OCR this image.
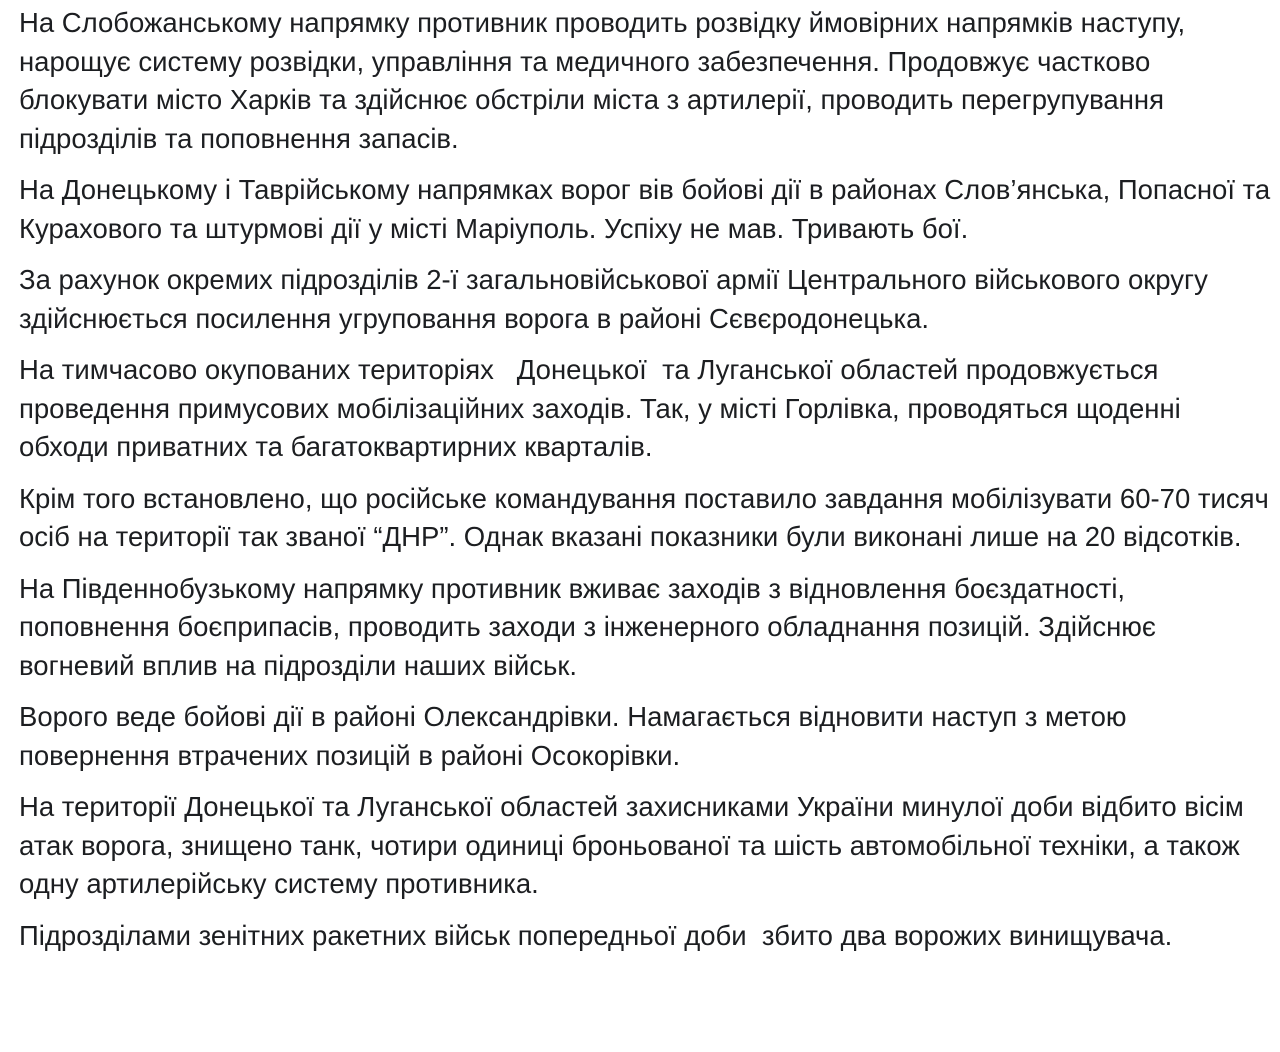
На Слобожанському напрямку противник проводить розвідку ймовірних напрямків наступу, нарощує систему розвідки, управління та медичного забезпечення. Продовжує частково блокувати місто Харків та здійснює обстріли міста з артилерії, проводить перегрупування  підрозділів та поповнення запасів.

На Донецькому і Таврійському напрямках ворог вів бойові дії в районах Слов’янська, Попасної та Курахового та штурмові дії у місті Маріуполь. Успіху не мав. Тривають бої.

За рахунок окремих підрозділів 2-ї загальновійськової армії Центрального військового округу здійснюється посилення угруповання ворога в районі Сєвєродонецька.

На тимчасово окупованих територіях   Донецької  та Луганської областей продовжується проведення примусових мобілізаційних заходів. Так, у місті Горлівка, проводяться щоденні обходи приватних та багатоквартирних кварталів.

Крім того встановлено, що російське командування поставило завдання мобілізувати 60-70 тисяч осіб на території так званої “ДНР”. Однак вказані показники були виконані лише на 20 відсотків.

На Південнобузькому напрямку противник вживає заходів з відновлення боєздатності, поповнення боєприпасів, проводить заходи з інженерного обладнання позицій. Здійснює вогневий вплив на підрозділи наших військ.

Ворого веде бойові дії в районі Олександрівки. Намагається відновити наступ з метою повернення втрачених позицій в районі Осокорівки.

На території Донецької та Луганської областей захисниками України минулої доби відбито вісім атак ворога, знищено танк, чотири одиниці броньованої та шість автомобільної техніки, а також одну артилерійську систему противника.

Підрозділами зенітних ракетних військ попередньої доби  збито два ворожих винищувача.
